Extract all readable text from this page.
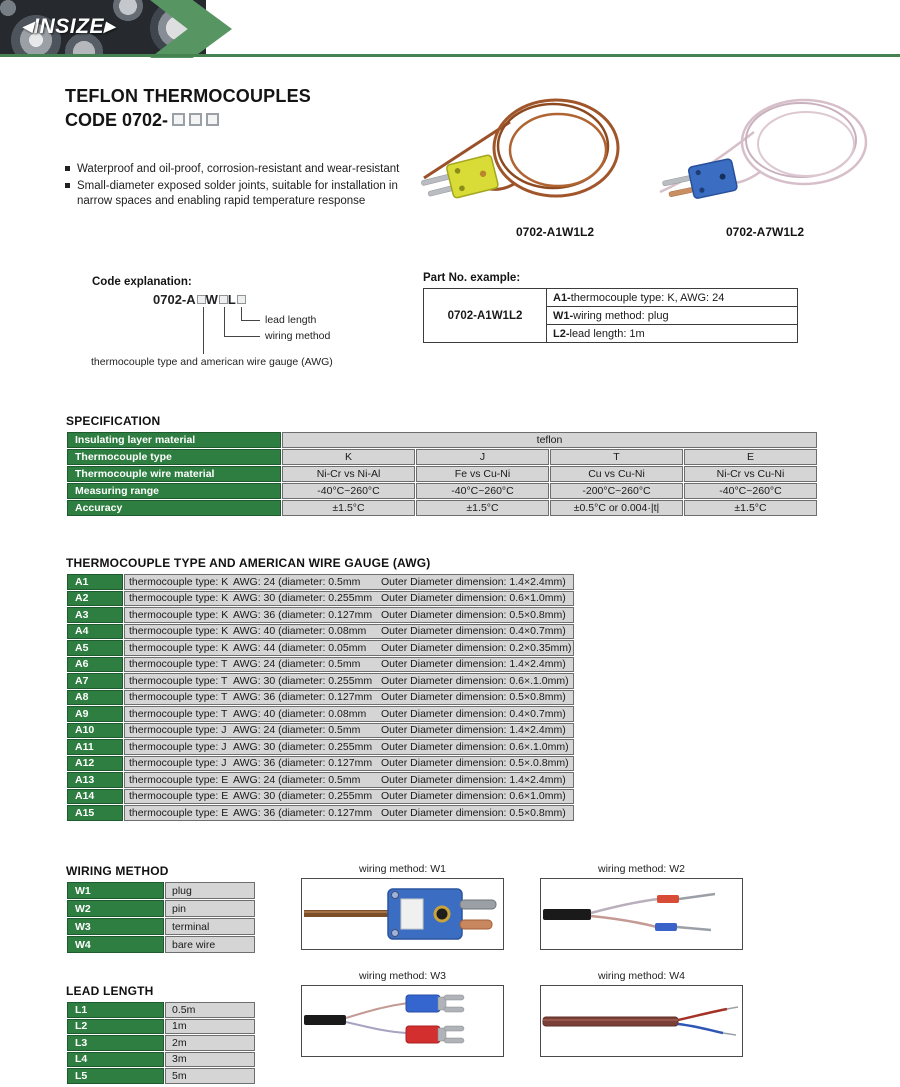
◀INSIZE▶
TEFLON THERMOCOUPLES
CODE 0702-
Waterproof and oil-proof, corrosion-resistant and wear-resistant
Small-diameter exposed solder joints, suitable for installation in narrow spaces and enabling rapid temperature response
0702-A1W1L2	0702-A7W1L2
Code explanation:
0702-A W L
lead length
wiring method
thermocouple type and american wire gauge (AWG)
Part No. example:
0702-A1W1L2	A1-thermocouple type: K, AWG: 24
W1-wiring method: plug
L2-lead length: 1m
SPECIFICATION
Insulating layer material	teflon			
Thermocouple type	K	J	T	E
Thermocouple wire material	Ni-Cr vs Ni-Al	Fe vs Cu-Ni	Cu vs Cu-Ni	Ni-Cr vs Cu-Ni
Measuring range	-40°C~260°C	-40°C~260°C	-200°C~260°C	-40°C~260°C
Accuracy	±1.5°C	±1.5°C	±0.5°C or 0.004·|t|	±1.5°C
THERMOCOUPLE TYPE AND AMERICAN WIRE GAUGE (AWG)
A1	thermocouple type: K AWG: 24 (diameter: 0.5mm Outer Diameter dimension: 1.4×2.4mm)
A2	thermocouple type: K AWG: 30 (diameter: 0.255mm Outer Diameter dimension: 0.6×1.0mm)
A3	thermocouple type: K AWG: 36 (diameter: 0.127mm Outer Diameter dimension: 0.5×0.8mm)
A4	thermocouple type: K AWG: 40 (diameter: 0.08mm Outer Diameter dimension: 0.4×0.7mm)
A5	thermocouple type: K AWG: 44 (diameter: 0.05mm Outer Diameter dimension: 0.2×0.35mm)
A6	thermocouple type: T AWG: 24 (diameter: 0.5mm Outer Diameter dimension: 1.4×2.4mm)
A7	thermocouple type: T AWG: 30 (diameter: 0.255mm Outer Diameter dimension: 0.6×.1.0mm)
A8	thermocouple type: T AWG: 36 (diameter: 0.127mm Outer Diameter dimension: 0.5×0.8mm)
A9	thermocouple type: T AWG: 40 (diameter: 0.08mm Outer Diameter dimension: 0.4×0.7mm)
A10	thermocouple type: J AWG: 24 (diameter: 0.5mm Outer Diameter dimension: 1.4×2.4mm)
A11	thermocouple type: J AWG: 30 (diameter: 0.255mm Outer Diameter dimension: 0.6×.1.0mm)
A12	thermocouple type: J AWG: 36 (diameter: 0.127mm Outer Diameter dimension: 0.5×.0.8mm)
A13	thermocouple type: E AWG: 24 (diameter: 0.5mm Outer Diameter dimension: 1.4×2.4mm)
A14	thermocouple type: E AWG: 30 (diameter: 0.255mm Outer Diameter dimension: 0.6×1.0mm)
A15	thermocouple type: E AWG: 36 (diameter: 0.127mm Outer Diameter dimension: 0.5×0.8mm)
WIRING METHOD
W1	plug
W2	pin
W3	terminal
W4	bare wire
LEAD LENGTH
L1	0.5m
L2	1m
L3	2m
L4	3m
L5	5m
wiring method: W1	wiring method: W2
wiring method: W3	wiring method: W4
